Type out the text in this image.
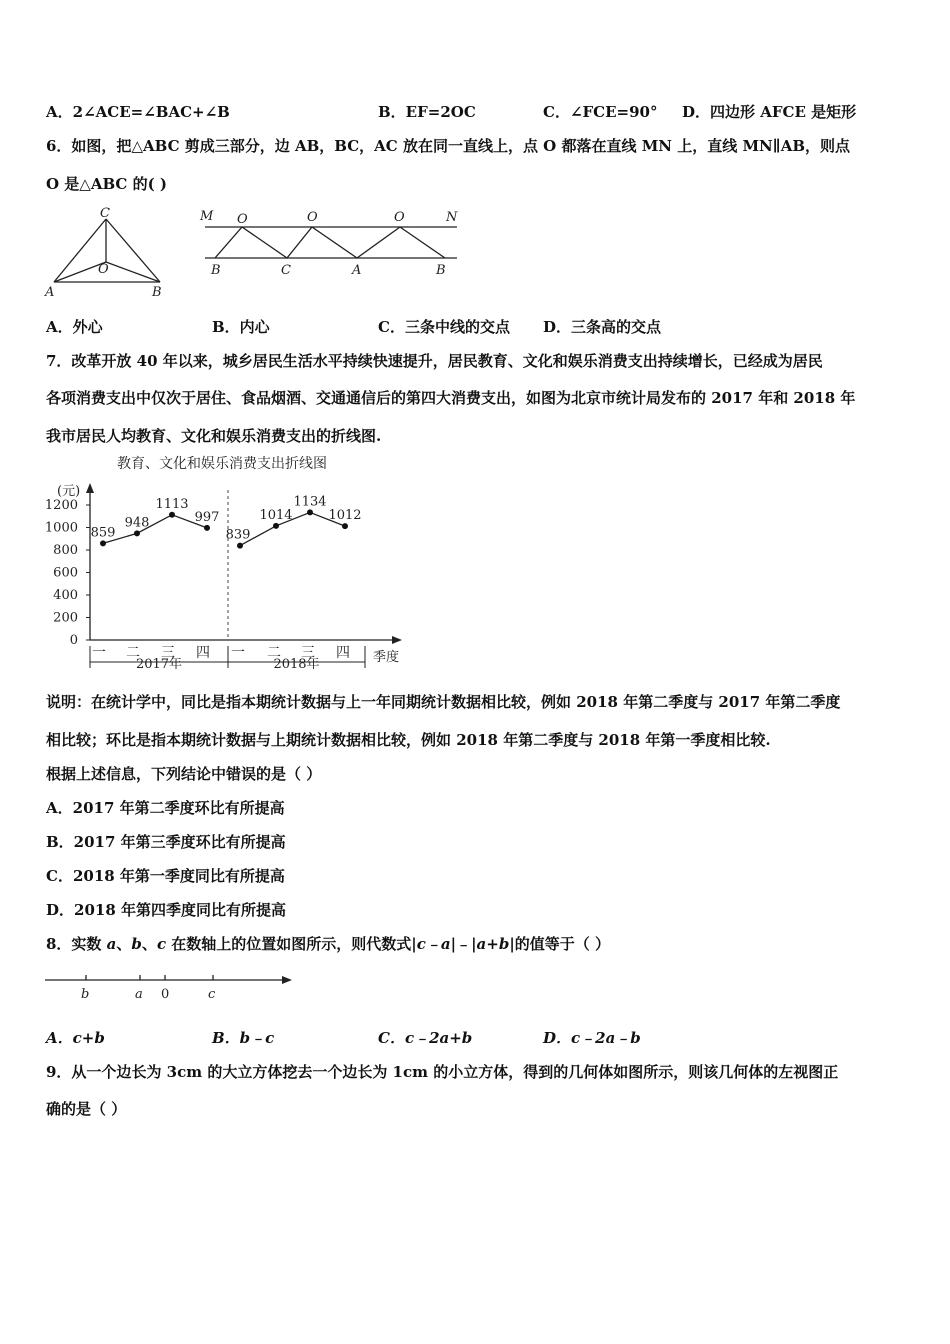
A．2∠ACE=∠BAC+∠B	B．EF=2OC	C．∠FCE=90° D．四边形 AFCE 是矩形
6．如图，把△ABC 剪成三部分，边 AB，BC，AC 放在同一直线上，点 O 都落在直线 MN 上，直线 MN∥AB，则点
O 是△ABC 的( )
C
O
A	B
M O	O	O	N
B	C	A	B
A．外心	B．内心	C．三条中线的交点 D．三条高的交点
7．改革开放 40 年以来，城乡居民生活水平持续快速提升，居民教育、文化和娱乐消费支出持续增长，已经成为居民
各项消费支出中仅次于居住、食品烟酒、交通通信后的第四大消费支出，如图为北京市统计局发布的 2017 年和 2018 年
我市居民人均教育、文化和娱乐消费支出的折线图.
教育、文化和娱乐消费支出折线图
(元)
季度
0
200
400
600
800
1000
1200
一 二 三 四 一 二 三 四
2017年	2018年
859
948
1113
997
839
1014
1134
1012
说明：在统计学中，同比是指本期统计数据与上一年同期统计数据相比较，例如 2018 年第二季度与 2017 年第二季度
相比较；环比是指本期统计数据与上期统计数据相比较，例如 2018 年第二季度与 2018 年第一季度相比较.
根据上述信息，下列结论中错误的是（ ）
A．2017 年第二季度环比有所提高
B．2017 年第三季度环比有所提高
C．2018 年第一季度同比有所提高
D．2018 年第四季度同比有所提高
8．实数 a、b、c 在数轴上的位置如图所示，则代数式|c﹣a|﹣|a+b|的值等于（ ）
b	a	c
0
A．c+b	B．b﹣c	C．c﹣2a+b	D．c﹣2a﹣b
9．从一个边长为 3cm 的大立方体挖去一个边长为 1cm 的小立方体，得到的几何体如图所示，则该几何体的左视图正
确的是（ ）
